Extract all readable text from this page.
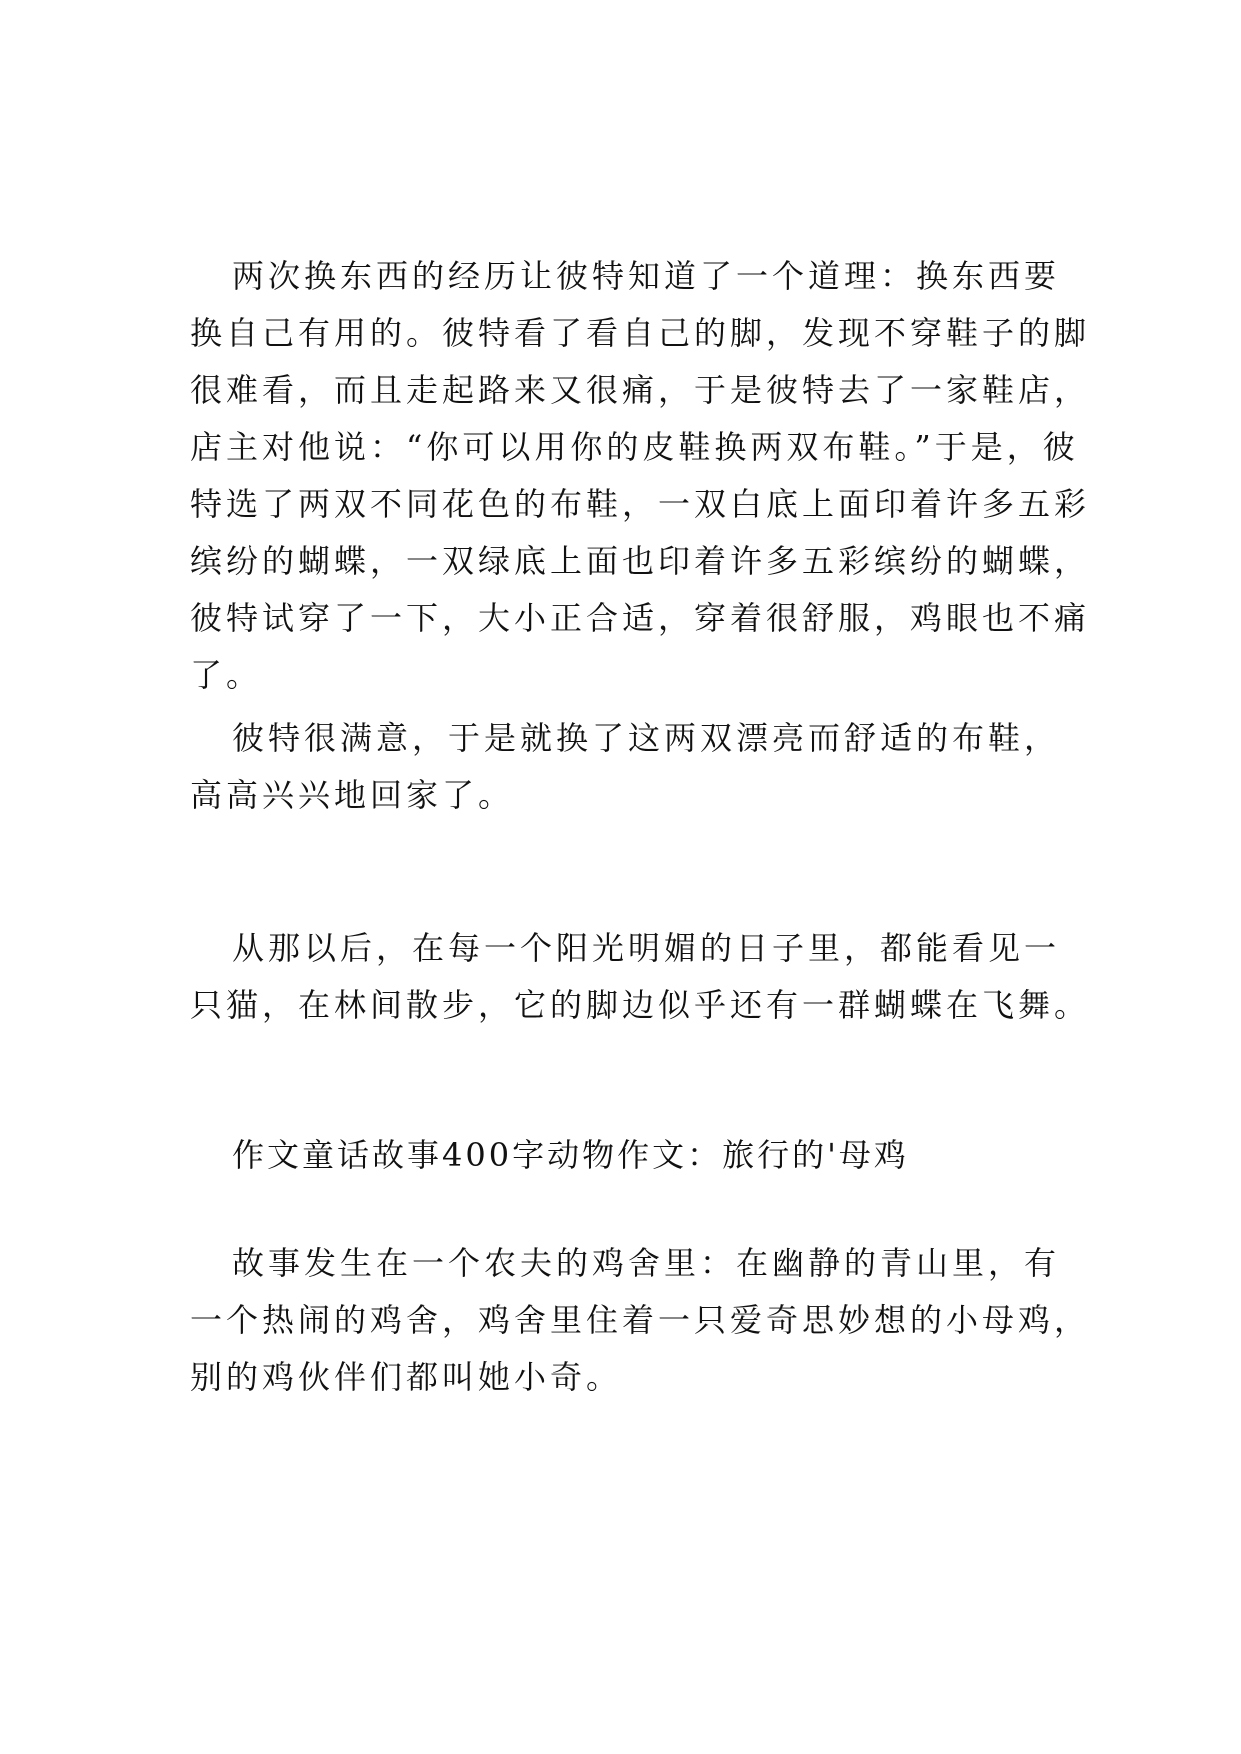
两次换东西的经历让彼特知道了一个道理：换东西要换自己有用的。彼特看了看自己的脚，发现不穿鞋子的脚很难看，而且走起路来又很痛，于是彼特去了一家鞋店，店主对他说：“你可以用你的皮鞋换两双布鞋。”于是，彼特选了两双不同花色的布鞋，一双白底上面印着许多五彩缤纷的蝴蝶，一双绿底上面也印着许多五彩缤纷的蝴蝶，彼特试穿了一下，大小正合适，穿着很舒服，鸡眼也不痛了。

彼特很满意，于是就换了这两双漂亮而舒适的布鞋，高高兴兴地回家了。

从那以后，在每一个阳光明媚的日子里，都能看见一只猫，在林间散步，它的脚边似乎还有一群蝴蝶在飞舞。

作文童话故事400字动物作文：旅行的'母鸡

故事发生在一个农夫的鸡舍里：在幽静的青山里，有一个热闹的鸡舍，鸡舍里住着一只爱奇思妙想的小母鸡，别的鸡伙伴们都叫她小奇。
